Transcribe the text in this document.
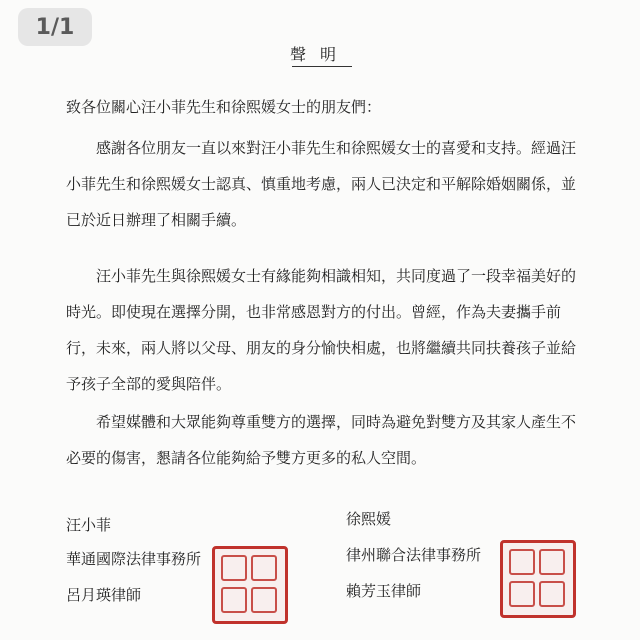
1/1
聲明
致各位關心汪小菲先生和徐熙媛女士的朋友們：
感謝各位朋友一直以來對汪小菲先生和徐熙媛女士的喜愛和支持。經過汪
小菲先生和徐熙媛女士認真、慎重地考慮，兩人已決定和平解除婚姻關係，並
已於近日辦理了相關手續。
汪小菲先生與徐熙媛女士有緣能夠相識相知，共同度過了一段幸福美好的
時光。即使現在選擇分開，也非常感恩對方的付出。曾經，作為夫妻攜手前
行，未來，兩人將以父母、朋友的身分愉快相處，也將繼續共同扶養孩子並給
予孩子全部的愛與陪伴。
希望媒體和大眾能夠尊重雙方的選擇，同時為避免對雙方及其家人產生不
必要的傷害，懇請各位能夠給予雙方更多的私人空間。
汪小菲
華通國際法律事務所
呂月瑛律師
徐熙媛
律州聯合法律事務所
賴芳玉律師
